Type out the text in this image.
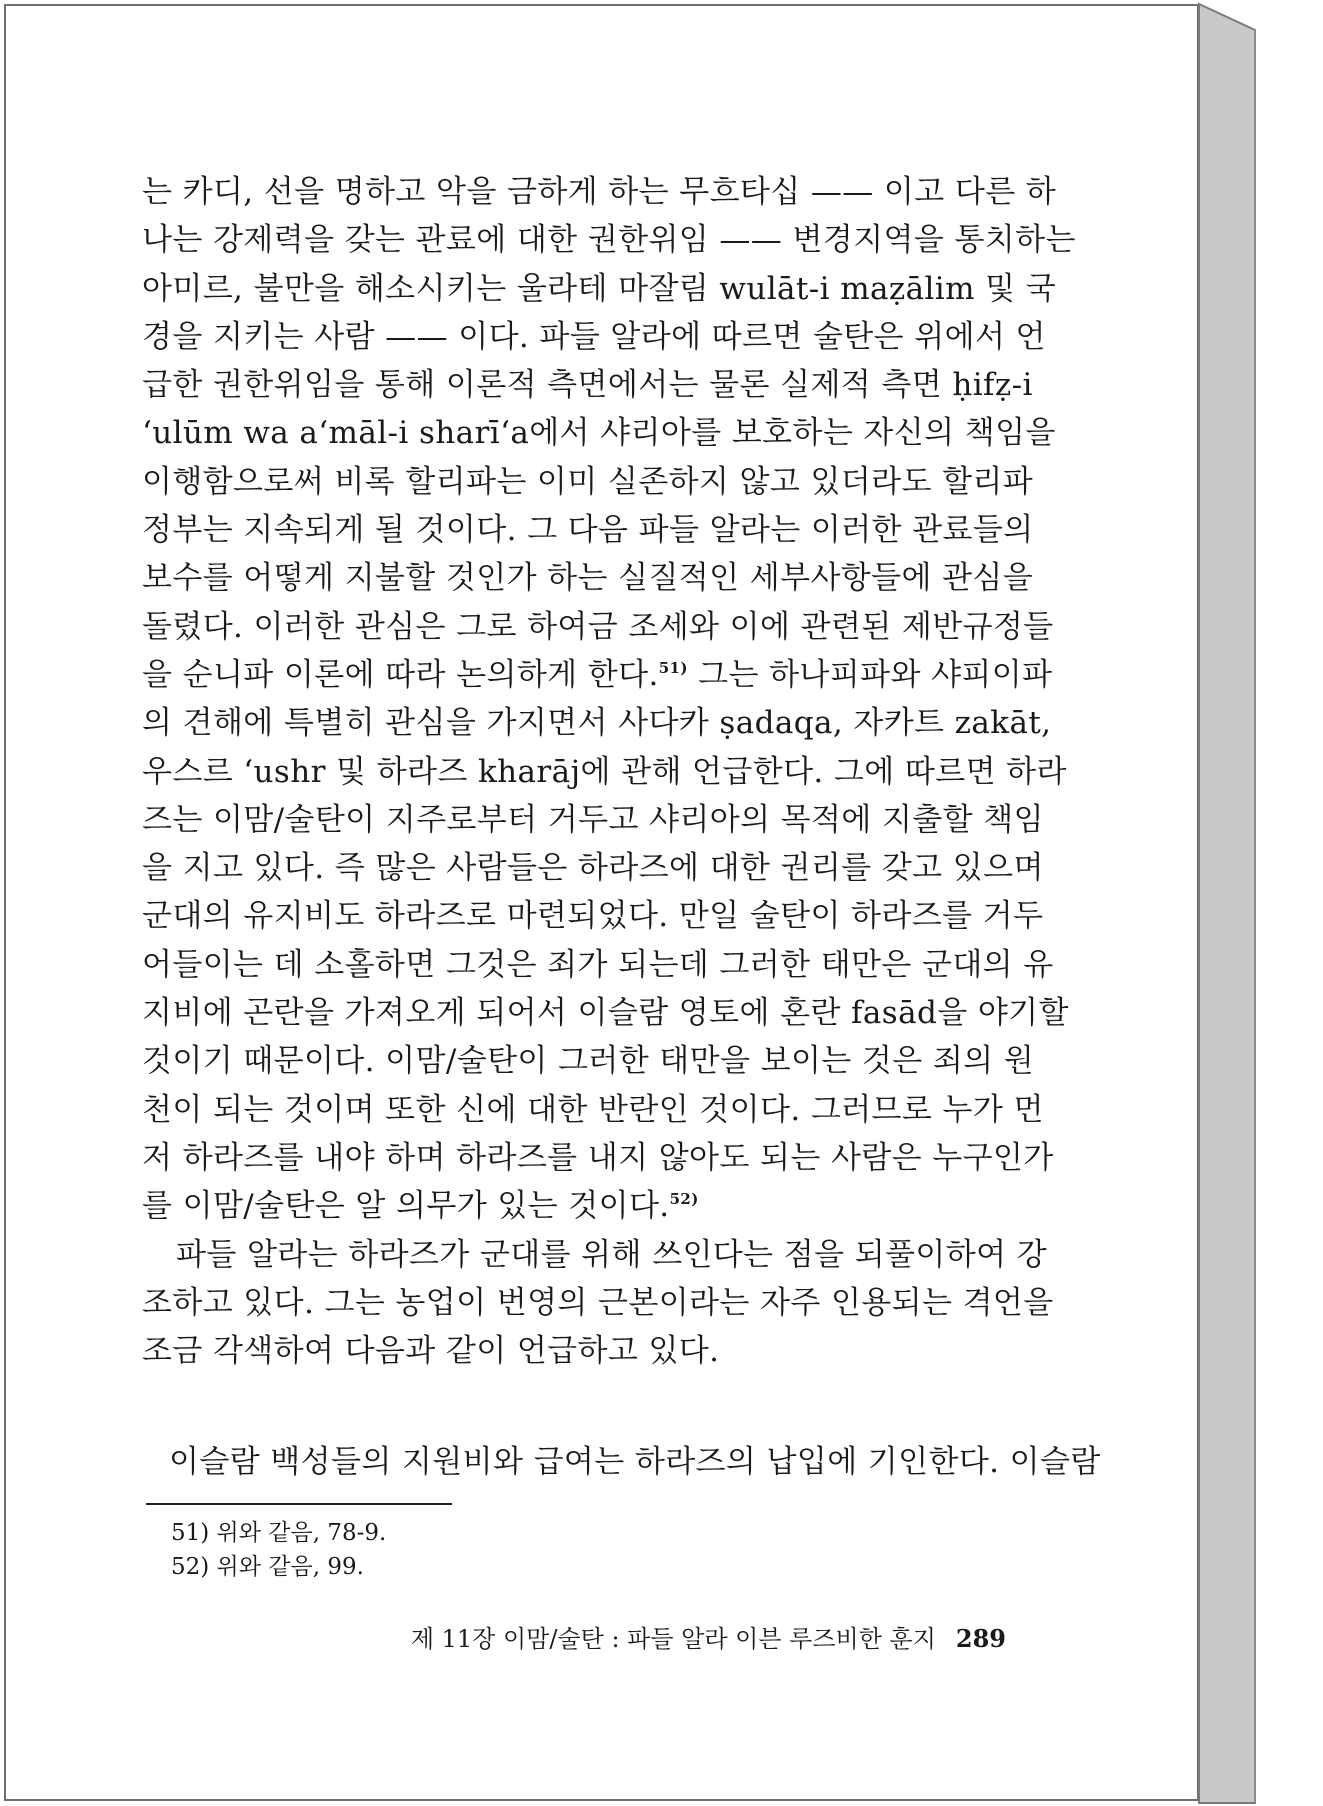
는 카디, 선을 명하고 악을 금하게 하는 무흐타십 —— 이고 다른 하
나는 강제력을 갖는 관료에 대한 권한위임 —— 변경지역을 통치하는
아미르, 불만을 해소시키는 울라테 마잘림 wulāt-i maẓālim 및 국
경을 지키는 사람 —— 이다. 파들 알라에 따르면 술탄은 위에서 언
급한 권한위임을 통해 이론적 측면에서는 물론 실제적 측면 ḥifẓ-i
‘ulūm wa a‘māl-i sharī‘a에서 샤리아를 보호하는 자신의 책임을
이행함으로써 비록 할리파는 이미 실존하지 않고 있더라도 할리파
정부는 지속되게 될 것이다. 그 다음 파들 알라는 이러한 관료들의
보수를 어떻게 지불할 것인가 하는 실질적인 세부사항들에 관심을
돌렸다. 이러한 관심은 그로 하여금 조세와 이에 관련된 제반규정들
을 순니파 이론에 따라 논의하게 한다.$^{51)}$ 그는 하나피파와 샤피이파
의 견해에 특별히 관심을 가지면서 사다카 ṣadaqa, 자카트 zakāt,
우스르 ‘ushr 및 하라즈 kharāj에 관해 언급한다. 그에 따르면 하라
즈는 이맘/술탄이 지주로부터 거두고 샤리아의 목적에 지출할 책임
을 지고 있다. 즉 많은 사람들은 하라즈에 대한 권리를 갖고 있으며
군대의 유지비도 하라즈로 마련되었다. 만일 술탄이 하라즈를 거두
어들이는 데 소홀하면 그것은 죄가 되는데 그러한 태만은 군대의 유
지비에 곤란을 가져오게 되어서 이슬람 영토에 혼란 fasād을 야기할
것이기 때문이다. 이맘/술탄이 그러한 태만을 보이는 것은 죄의 원
천이 되는 것이며 또한 신에 대한 반란인 것이다. 그러므로 누가 먼
저 하라즈를 내야 하며 하라즈를 내지 않아도 되는 사람은 누구인가
를 이맘/술탄은 알 의무가 있는 것이다.$^{52)}$
파들 알라는 하라즈가 군대를 위해 쓰인다는 점을 되풀이하여 강
조하고 있다. 그는 농업이 번영의 근본이라는 자주 인용되는 격언을
조금 각색하여 다음과 같이 언급하고 있다.
이슬람 백성들의 지원비와 급여는 하라즈의 납입에 기인한다. 이슬람
51) 위와 같음, 78-9.
52) 위와 같음, 99.
제 11장 이맘/술탄 : 파들 알라 이븐 루즈비한 훈지 289
